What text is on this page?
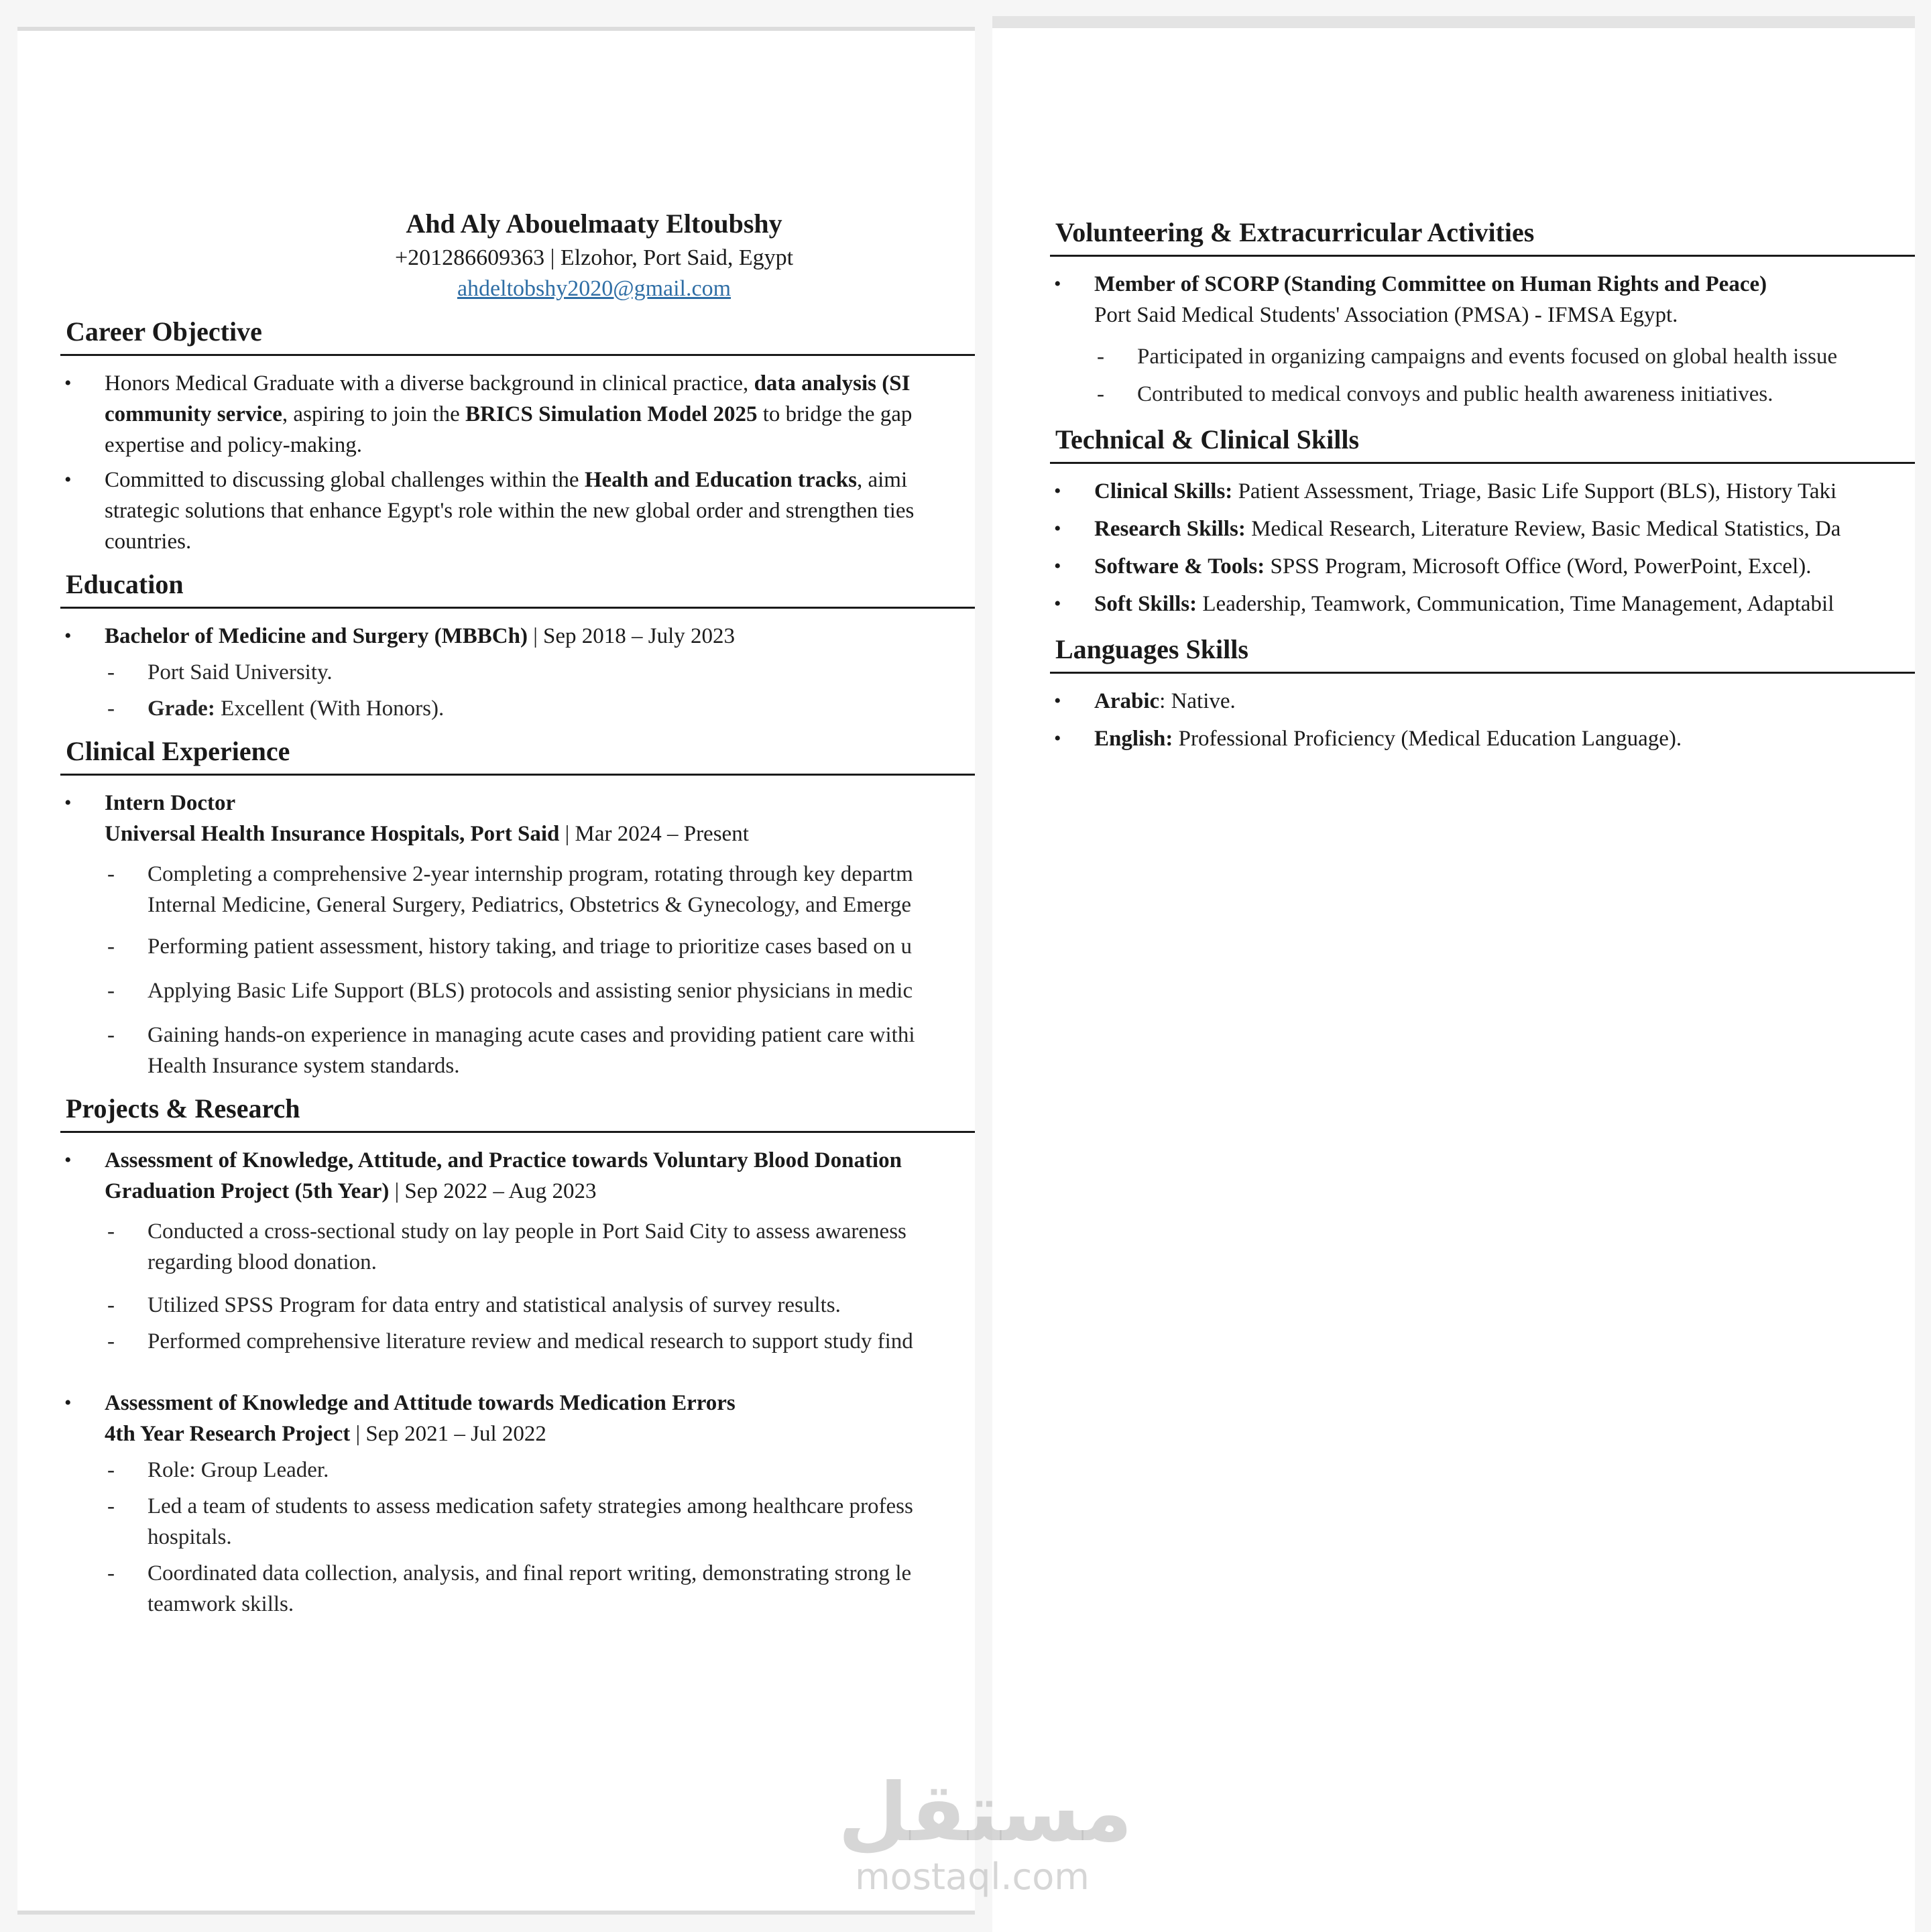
Ahd Aly Abouelmaaty Eltoubshy
+201286609363 | Elzohor, Port Said, Egypt
ahdeltobshy2020@gmail.com
Career Objective
• Honors Medical Graduate with a diverse background in clinical practice, data analysis (SI
community service, aspiring to join the BRICS Simulation Model 2025 to bridge the gap
expertise and policy-making.
• Committed to discussing global challenges within the Health and Education tracks, aimi
strategic solutions that enhance Egypt's role within the new global order and strengthen ties
countries.
Education
• Bachelor of Medicine and Surgery (MBBCh) | Sep 2018 – July 2023
- Port Said University.
- Grade: Excellent (With Honors).
Clinical Experience
• Intern Doctor
Universal Health Insurance Hospitals, Port Said | Mar 2024 – Present
- Completing a comprehensive 2-year internship program, rotating through key departm
Internal Medicine, General Surgery, Pediatrics, Obstetrics & Gynecology, and Emerge
- Performing patient assessment, history taking, and triage to prioritize cases based on u
- Applying Basic Life Support (BLS) protocols and assisting senior physicians in medic
- Gaining hands-on experience in managing acute cases and providing patient care withi
Health Insurance system standards.
Projects & Research
• Assessment of Knowledge, Attitude, and Practice towards Voluntary Blood Donation
Graduation Project (5th Year) | Sep 2022 – Aug 2023
- Conducted a cross-sectional study on lay people in Port Said City to assess awareness
regarding blood donation.
- Utilized SPSS Program for data entry and statistical analysis of survey results.
- Performed comprehensive literature review and medical research to support study find
• Assessment of Knowledge and Attitude towards Medication Errors
4th Year Research Project | Sep 2021 – Jul 2022
- Role: Group Leader.
- Led a team of students to assess medication safety strategies among healthcare profess
hospitals.
- Coordinated data collection, analysis, and final report writing, demonstrating strong le
teamwork skills.
Volunteering & Extracurricular Activities
• Member of SCORP (Standing Committee on Human Rights and Peace)
Port Said Medical Students' Association (PMSA) - IFMSA Egypt.
- Participated in organizing campaigns and events focused on global health issue
- Contributed to medical convoys and public health awareness initiatives.
Technical & Clinical Skills
• Clinical Skills: Patient Assessment, Triage, Basic Life Support (BLS), History Taki
• Research Skills: Medical Research, Literature Review, Basic Medical Statistics, Da
• Software & Tools: SPSS Program, Microsoft Office (Word, PowerPoint, Excel).
• Soft Skills: Leadership, Teamwork, Communication, Time Management, Adaptabil
Languages Skills
• Arabic: Native.
• English: Professional Proficiency (Medical Education Language).
مستقل
mostaql.com
